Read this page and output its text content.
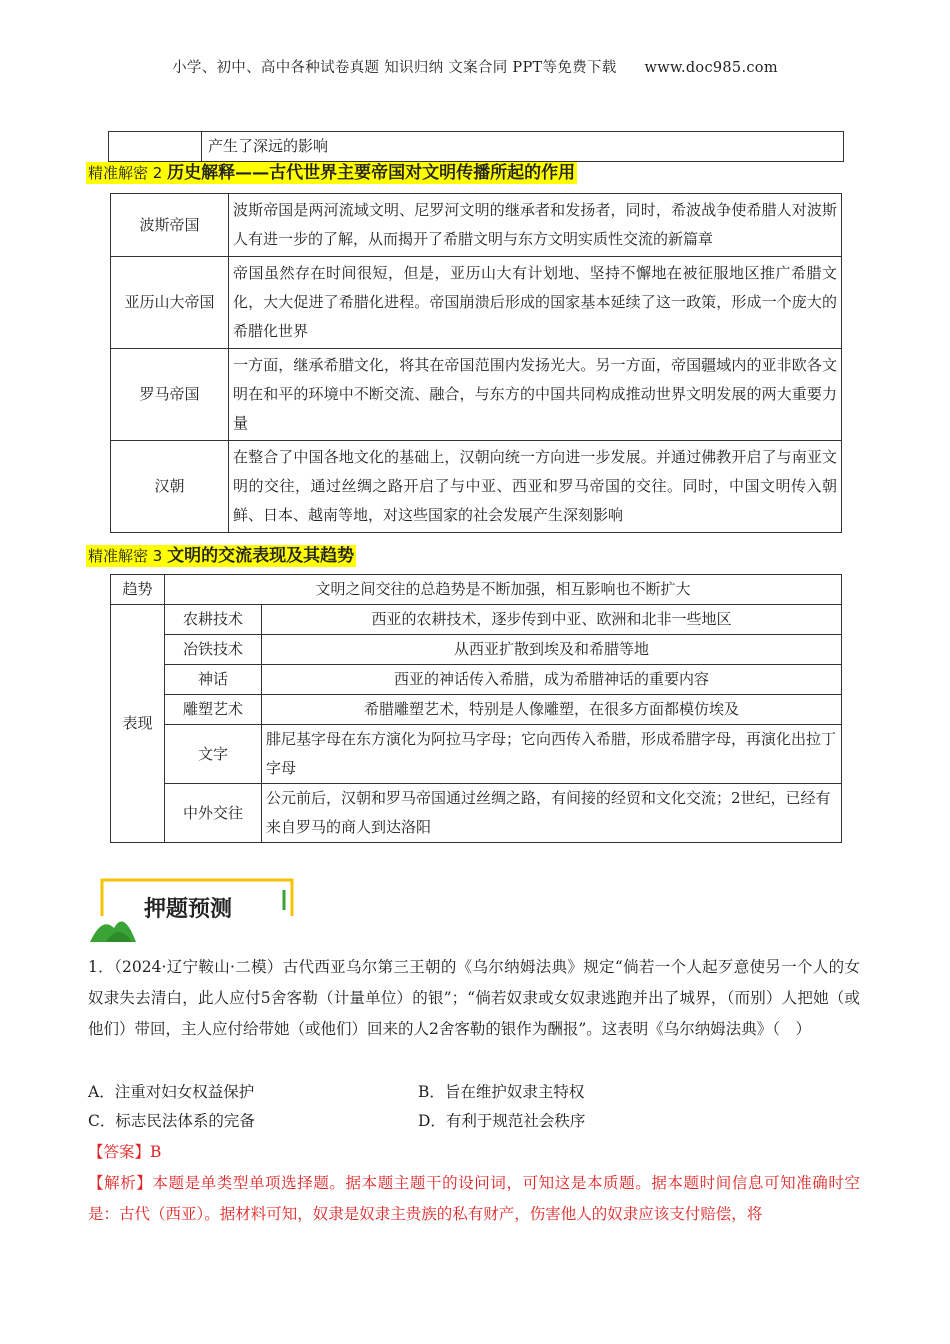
小学、初中、高中各种试卷真题 知识归纳 文案合同 PPT等免费下载 www.doc985.com
	产生了深远的影响
精准解密 2 历史解释——古代世界主要帝国对文明传播所起的作用
波斯帝国	波斯帝国是两河流域文明、尼罗河文明的继承者和发扬者，同时，希波战争使希腊人对波斯人有进一步的了解，从而揭开了希腊文明与东方文明实质性交流的新篇章
亚历山大帝国	帝国虽然存在时间很短，但是，亚历山大有计划地、坚持不懈地在被征服地区推广希腊文化，大大促进了希腊化进程。帝国崩溃后形成的国家基本延续了这一政策，形成一个庞大的希腊化世界
罗马帝国	一方面，继承希腊文化，将其在帝国范围内发扬光大。另一方面，帝国疆域内的亚非欧各文明在和平的环境中不断交流、融合，与东方的中国共同构成推动世界文明发展的两大重要力量
汉朝	在整合了中国各地文化的基础上，汉朝向统一方向进一步发展。并通过佛教开启了与南亚文明的交往，通过丝绸之路开启了与中亚、西亚和罗马帝国的交往。同时，中国文明传入朝鲜、日本、越南等地，对这些国家的社会发展产生深刻影响
精准解密 3 文明的交流表现及其趋势
趋势	文明之间交往的总趋势是不断加强，相互影响也不断扩大	
表现	农耕技术	西亚的农耕技术，逐步传到中亚、欧洲和北非一些地区
	冶铁技术	从西亚扩散到埃及和希腊等地
	神话	西亚的神话传入希腊，成为希腊神话的重要内容
	雕塑艺术	希腊雕塑艺术，特别是人像雕塑，在很多方面都模仿埃及
	文字	腓尼基字母在东方演化为阿拉马字母；它向西传入希腊，形成希腊字母，再演化出拉丁字母
	中外交往	公元前后，汉朝和罗马帝国通过丝绸之路，有间接的经贸和文化交流；2世纪，已经有来自罗马的商人到达洛阳
押题预测
1．（2024·辽宁鞍山·二模）古代西亚乌尔第三王朝的《乌尔纳姆法典》规定“倘若一个人起歹意使另一个人的女奴隶失去清白，此人应付5舍客勒（计量单位）的银”；“倘若奴隶或女奴隶逃跑并出了城界，（而别）人把她（或他们）带回，主人应付给带她（或他们）回来的人2舍客勒的银作为酬报”。这表明《乌尔纳姆法典》（　）
A．注重对妇女权益保护	B．旨在维护奴隶主特权
C．标志民法体系的完备	D．有利于规范社会秩序
【答案】B
【解析】本题是单类型单项选择题。据本题主题干的设问词，可知这是本质题。据本题时间信息可知准确时空是：古代（西亚）。据材料可知，奴隶是奴隶主贵族的私有财产，伤害他人的奴隶应该支付赔偿，将
